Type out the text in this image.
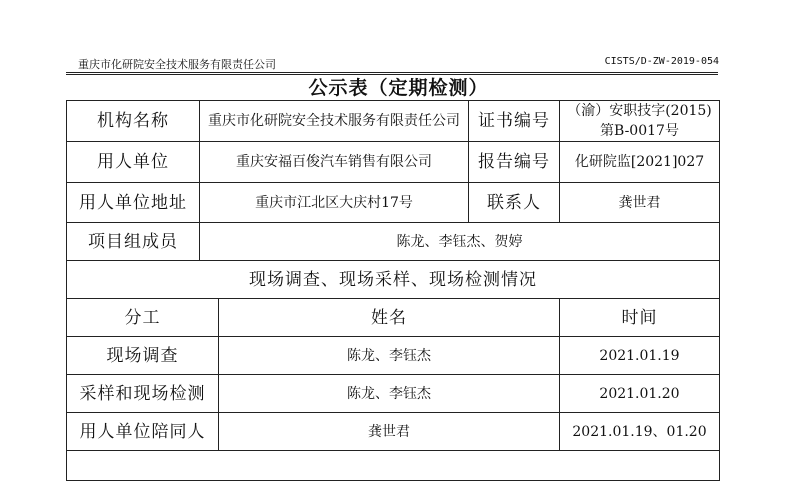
重庆市化研院安全技术服务有限责任公司	CISTS/D-ZW-2019-054
公示表（定期检测）
机构名称	重庆市化研院安全技术服务有限责任公司		证书编号	（渝）安职技字(2015)第B-0017号
用人单位	重庆安福百俊汽车销售有限公司		报告编号	化研院监[2021]027
用人单位地址	重庆市江北区大庆村17号		联系人	龚世君
项目组成员	陈龙、李钰杰、贺婷			
现场调查、现场采样、现场检测情况				
分工		姓名		时间
现场调查		陈龙、李钰杰		2021.01.19
采样和现场检测		陈龙、李钰杰		2021.01.20
用人单位陪同人		龚世君		2021.01.19、01.20
